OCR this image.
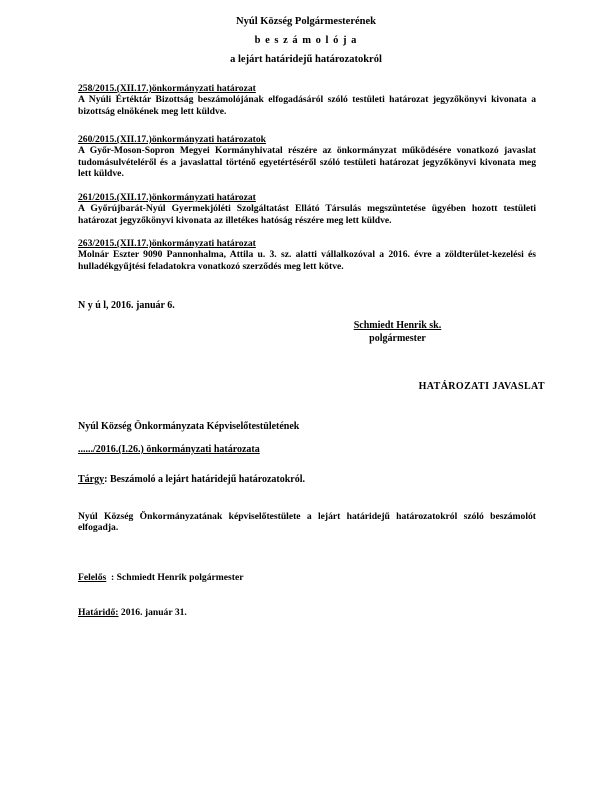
Nyúl Község Polgármesterének
b e s z á m o l ó j a
a lejárt határidejű határozatokról
258/2015.(XII.17.)önkormányzati határozat
A Nyúli Értéktár Bizottság beszámolójának elfogadásáról szóló testületi határozat jegyzőkönyvi kivonata a bizottság elnökének meg lett küldve.
260/2015.(XII.17.)önkormányzati határozatok
A Győr-Moson-Sopron Megyei Kormányhivatal részére az önkormányzat működésére vonatkozó javaslat tudomásulvételéről és a javaslattal történő egyetértéséről szóló testületi határozat jegyzőkönyvi kivonata meg lett küldve.
261/2015.(XII.17.)önkormányzati határozat
A Győrújbarát-Nyúl Gyermekjóléti Szolgáltatást Ellátó Társulás megszüntetése ügyében hozott testületi határozat jegyzőkönyvi kivonata az illetékes hatóság részére meg lett küldve.
263/2015.(XII.17.)önkormányzati határozat
Molnár Eszter 9090 Pannonhalma, Attila u. 3. sz. alatti vállalkozóval a 2016. évre a zöldterület-kezelési és hulladékgyűjtési feladatokra vonatkozó szerződés meg lett kötve.
N y ú l, 2016. január 6.
Schmiedt Henrik sk.
polgármester
HATÁROZATI JAVASLAT
Nyúl Község Önkormányzata Képviselőtestületének
....../2016.(I.26.) önkormányzati határozata
Tárgy: Beszámoló a lejárt határidejű határozatokról.
Nyúl Község Önkormányzatának képviselőtestülete a lejárt határidejű határozatokról szóló beszámolót elfogadja.

Felelős  : Schmiedt Henrik polgármester

Határidő: 2016. január 31.
